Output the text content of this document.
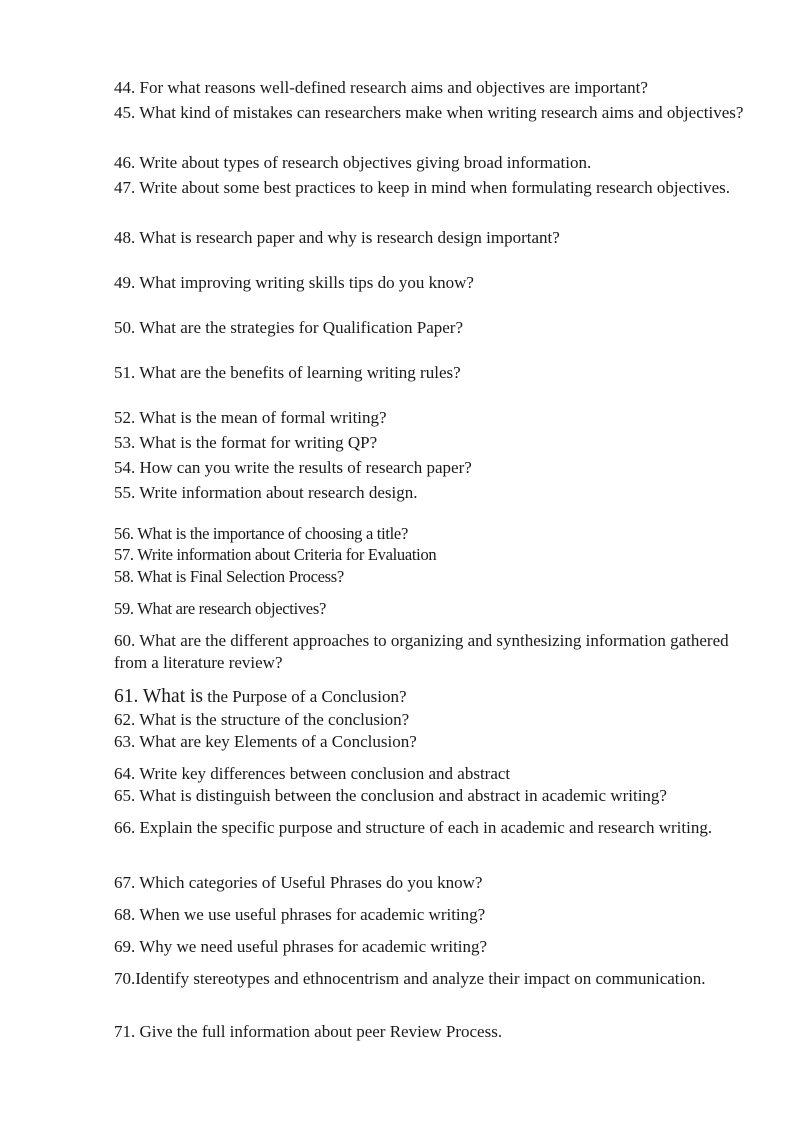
44. For what reasons well-defined research aims and objectives are important?

45. What kind of mistakes can researchers make when writing research aims and objectives?

46. Write about types of research objectives giving broad information.

47. Write about some best practices to keep in mind when formulating research objectives.

48. What is research paper and why is research design important?

49. What improving writing skills tips do you know?

50. What are the strategies for Qualification Paper?

51. What are the benefits of learning writing rules?

52. What is the mean of formal writing?

53. What is the format for writing QP?

54. How can you write the results of research paper?

55. Write information about research design.

56. What is the importance of choosing a title?

57. Write information about Criteria for Evaluation

58. What is Final Selection Process?

59. What are research objectives?

60. What are the different approaches to organizing and synthesizing information gathered from a literature review?

61. What is the Purpose of a Conclusion?

62. What is the structure of the conclusion?

63. What are key Elements of a Conclusion?

64. Write key differences between conclusion and abstract

65. What is distinguish between the conclusion and abstract in academic writing?

66. Explain the specific purpose and structure of each in academic and research writing.

67. Which categories of Useful Phrases do you know?

68. When we use useful phrases for academic writing?

69. Why we need useful phrases for academic writing?

70.Identify stereotypes and ethnocentrism and analyze their impact on communication.

71. Give the full information about peer Review Process.
